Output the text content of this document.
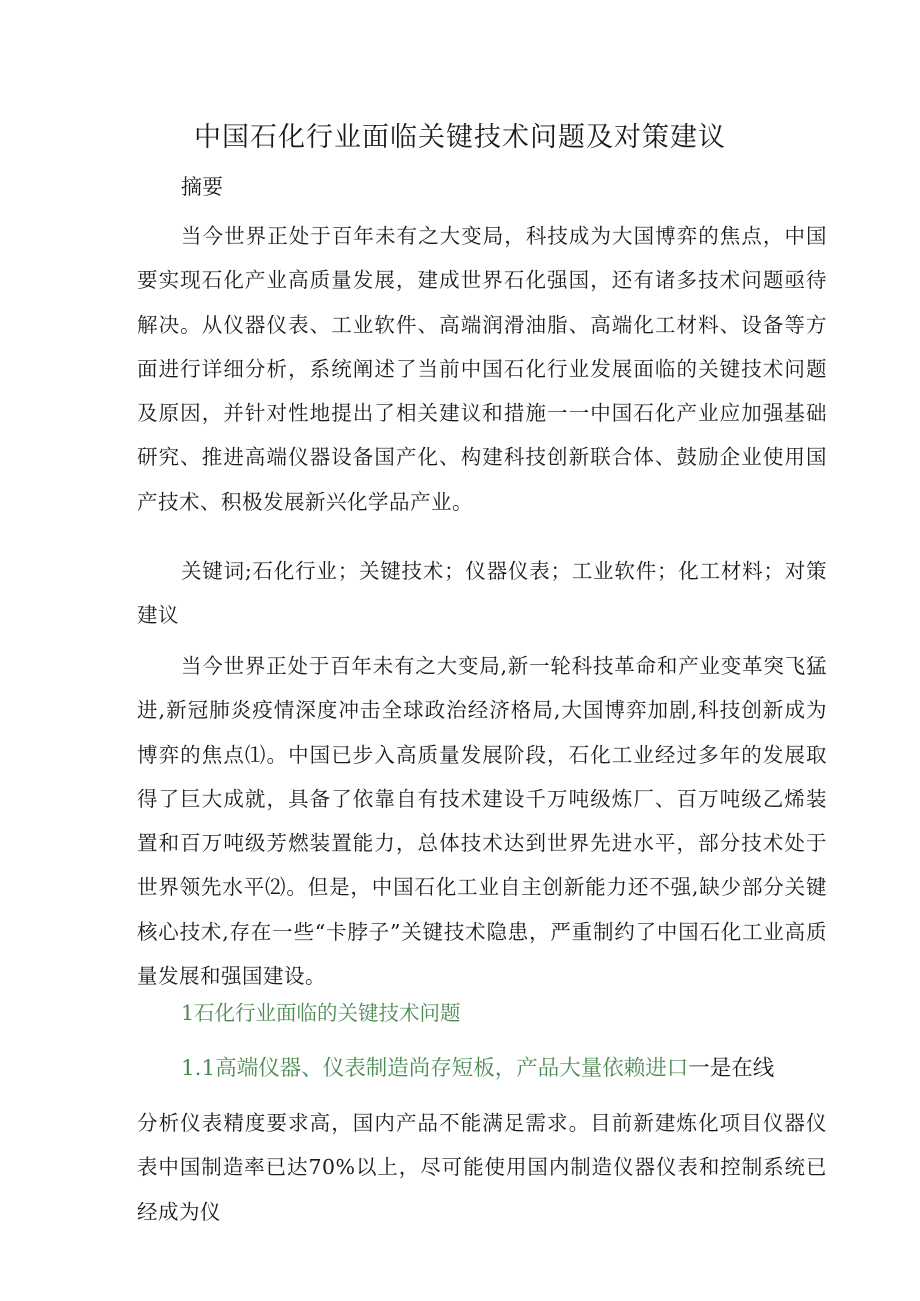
中国石化行业面临关键技术问题及对策建议
摘要

当今世界正处于百年未有之大变局，科技成为大国博弈的焦点，中国要实现石化产业高质量发展，建成世界石化强国，还有诸多技术问题亟待解决。从仪器仪表、工业软件、高端润滑油脂、高端化工材料、设备等方面进行详细分析，系统阐述了当前中国石化行业发展面临的关键技术问题及原因，并针对性地提出了相关建议和措施一一中国石化产业应加强基础研究、推进高端仪器设备国产化、构建科技创新联合体、鼓励企业使用国产技术、积极发展新兴化学品产业。

关键词;石化行业；关键技术；仪器仪表；工业软件；化工材料；对策建议

当今世界正处于百年未有之大变局,新一轮科技革命和产业变革突飞猛进,新冠肺炎疫情深度冲击全球政治经济格局,大国博弈加剧,科技创新成为博弈的焦点⑴。中国已步入高质量发展阶段，石化工业经过多年的发展取得了巨大成就，具备了依靠自有技术建设千万吨级炼厂、百万吨级乙烯装置和百万吨级芳燃装置能力，总体技术达到世界先进水平，部分技术处于世界领先水平⑵。但是，中国石化工业自主创新能力还不强,缺少部分关键核心技术,存在一些“卡脖子”关键技术隐患，严重制约了中国石化工业高质量发展和强国建设。

1石化行业面临的关键技术问题
1.1高端仪器、仪表制造尚存短板，产品大量依赖进口一是在线

分析仪表精度要求高，国内产品不能满足需求。目前新建炼化项目仪器仪表中国制造率已达70%以上，尽可能使用国内制造仪器仪表和控制系统已经成为仪
